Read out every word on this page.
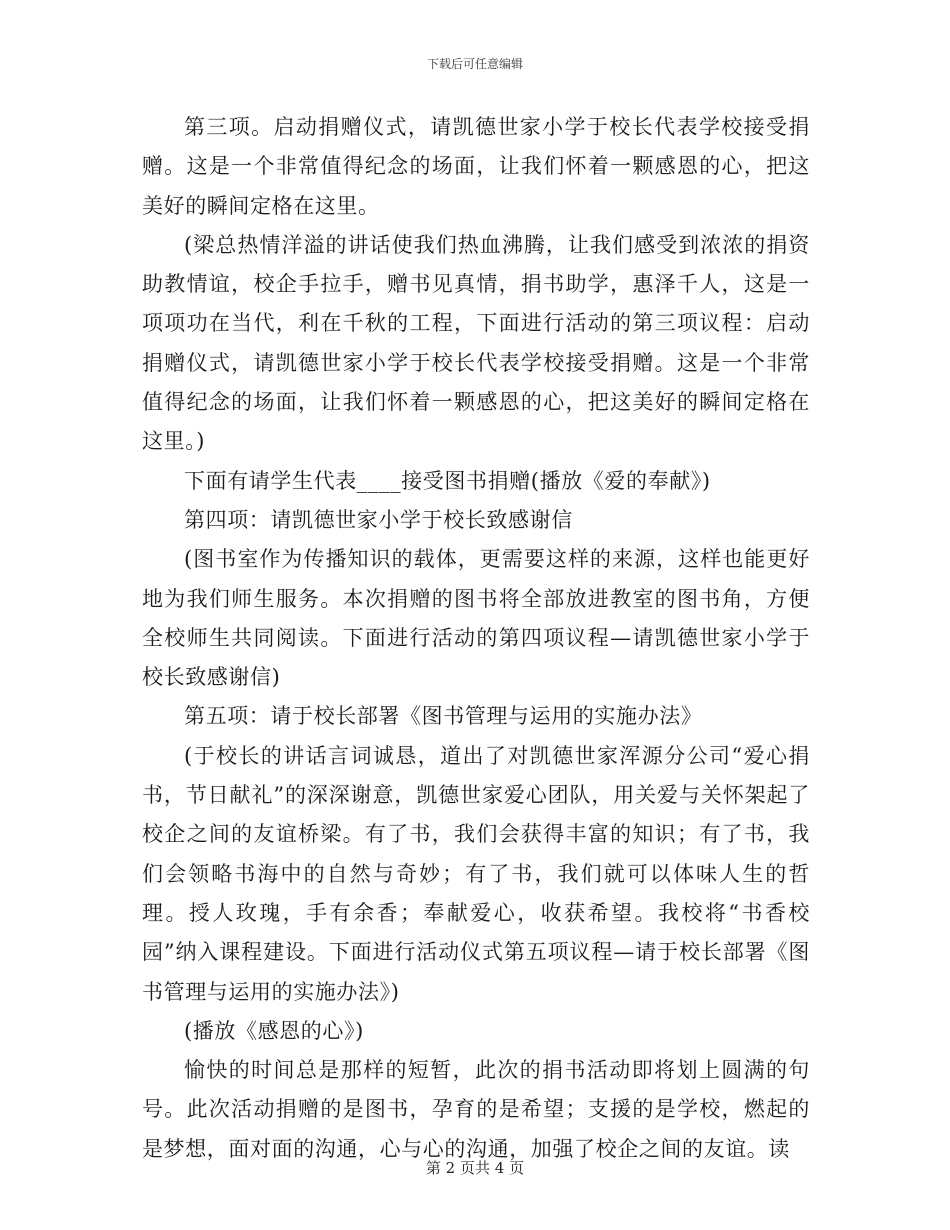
下载后可任意编辑

第三项。启动捐赠仪式，请凯德世家小学于校长代表学校接受捐赠。这是一个非常值得纪念的场面，让我们怀着一颗感恩的心，把这美好的瞬间定格在这里。

(梁总热情洋溢的讲话使我们热血沸腾，让我们感受到浓浓的捐资助教情谊，校企手拉手，赠书见真情，捐书助学，惠泽千人，这是一项项功在当代，利在千秋的工程，下面进行活动的第三项议程：启动捐赠仪式，请凯德世家小学于校长代表学校接受捐赠。这是一个非常值得纪念的场面，让我们怀着一颗感恩的心，把这美好的瞬间定格在这里。)

下面有请学生代表____接受图书捐赠(播放《爱的奉献》)

第四项：请凯德世家小学于校长致感谢信

(图书室作为传播知识的载体，更需要这样的来源，这样也能更好地为我们师生服务。本次捐赠的图书将全部放进教室的图书角，方便全校师生共同阅读。下面进行活动的第四项议程—请凯德世家小学于校长致感谢信)

第五项：请于校长部署《图书管理与运用的实施办法》

(于校长的讲话言词诚恳，道出了对凯德世家浑源分公司“爱心捐书，节日献礼”的深深谢意，凯德世家爱心团队，用关爱与关怀架起了校企之间的友谊桥梁。有了书，我们会获得丰富的知识；有了书，我们会领略书海中的自然与奇妙；有了书，我们就可以体味人生的哲理。授人玫瑰，手有余香；奉献爱心，收获希望。我校将“书香校园”纳入课程建设。下面进行活动仪式第五项议程—请于校长部署《图书管理与运用的实施办法》)

(播放《感恩的心》)

愉快的时间总是那样的短暂，此次的捐书活动即将划上圆满的句号。此次活动捐赠的是图书，孕育的是希望；支援的是学校，燃起的是梦想，面对面的沟通，心与心的沟通，加强了校企之间的友谊。读

第 2 页共 4 页
